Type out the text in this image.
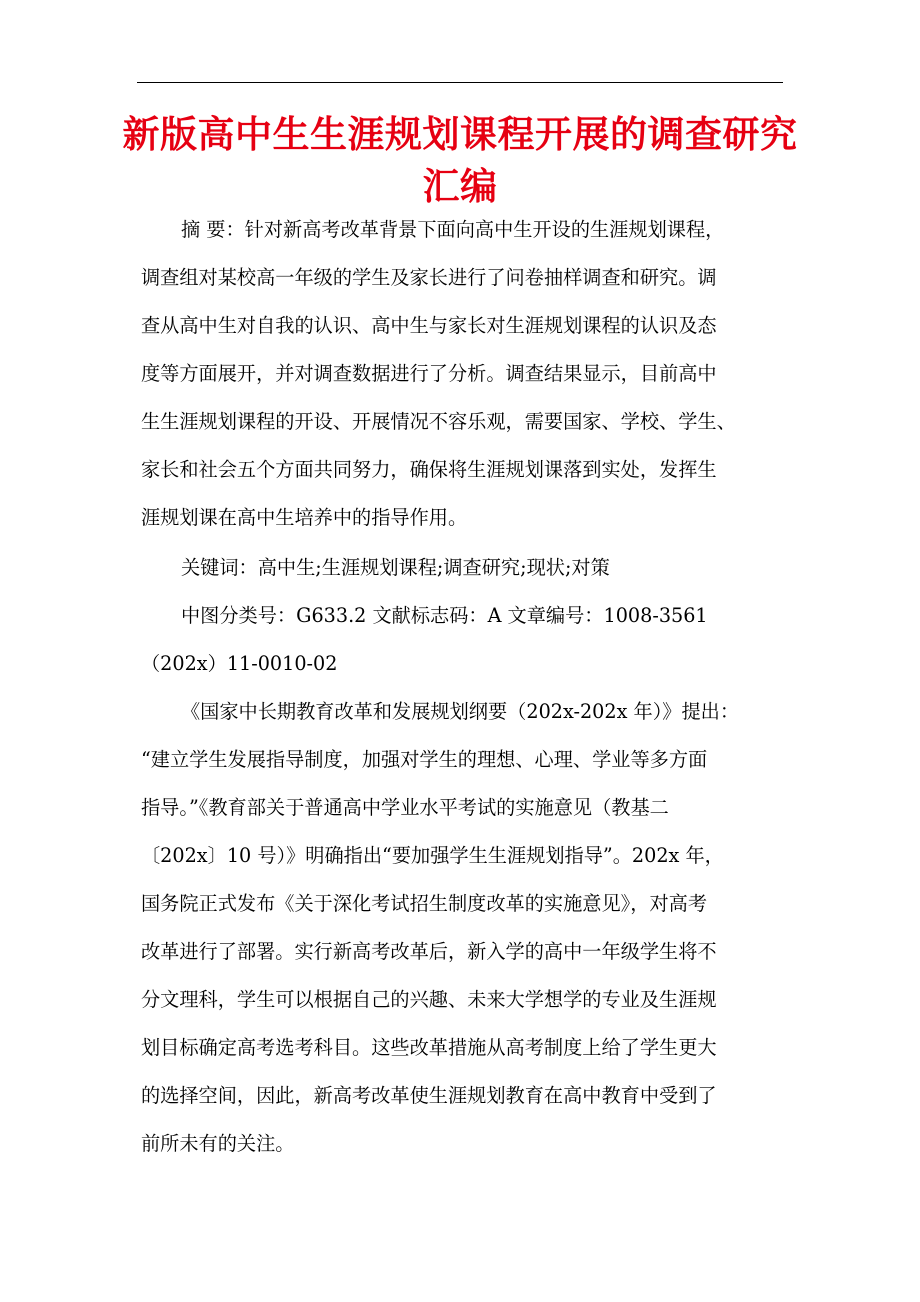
新版高中生生涯规划课程开展的调查研究
汇编
摘 要：针对新高考改革背景下面向高中生开设的生涯规划课程，
调查组对某校高一年级的学生及家长进行了问卷抽样调查和研究。调
查从高中生对自我的认识、高中生与家长对生涯规划课程的认识及态
度等方面展开，并对调查数据进行了分析。调查结果显示，目前高中
生生涯规划课程的开设、开展情况不容乐观，需要国家、学校、学生、
家长和社会五个方面共同努力，确保将生涯规划课落到实处，发挥生
涯规划课在高中生培养中的指导作用。
关键词：高中生;生涯规划课程;调查研究;现状;对策
中图分类号：G633.2 文献标志码：A 文章编号：1008-3561
（202x）11-0010-02
《国家中长期教育改革和发展规划纲要（202x-202x 年）》提出：
“建立学生发展指导制度，加强对学生的理想、心理、学业等多方面
指导。”《教育部关于普通高中学业水平考试的实施意见（教基二
〔202x〕10 号）》明确指出“要加强学生生涯规划指导”。202x 年，
国务院正式发布《关于深化考试招生制度改革的实施意见》，对高考
改革进行了部署。实行新高考改革后，新入学的高中一年级学生将不
分文理科，学生可以根据自己的兴趣、未来大学想学的专业及生涯规
划目标确定高考选考科目。这些改革措施从高考制度上给了学生更大
的选择空间，因此，新高考改革使生涯规划教育在高中教育中受到了
前所未有的关注。
